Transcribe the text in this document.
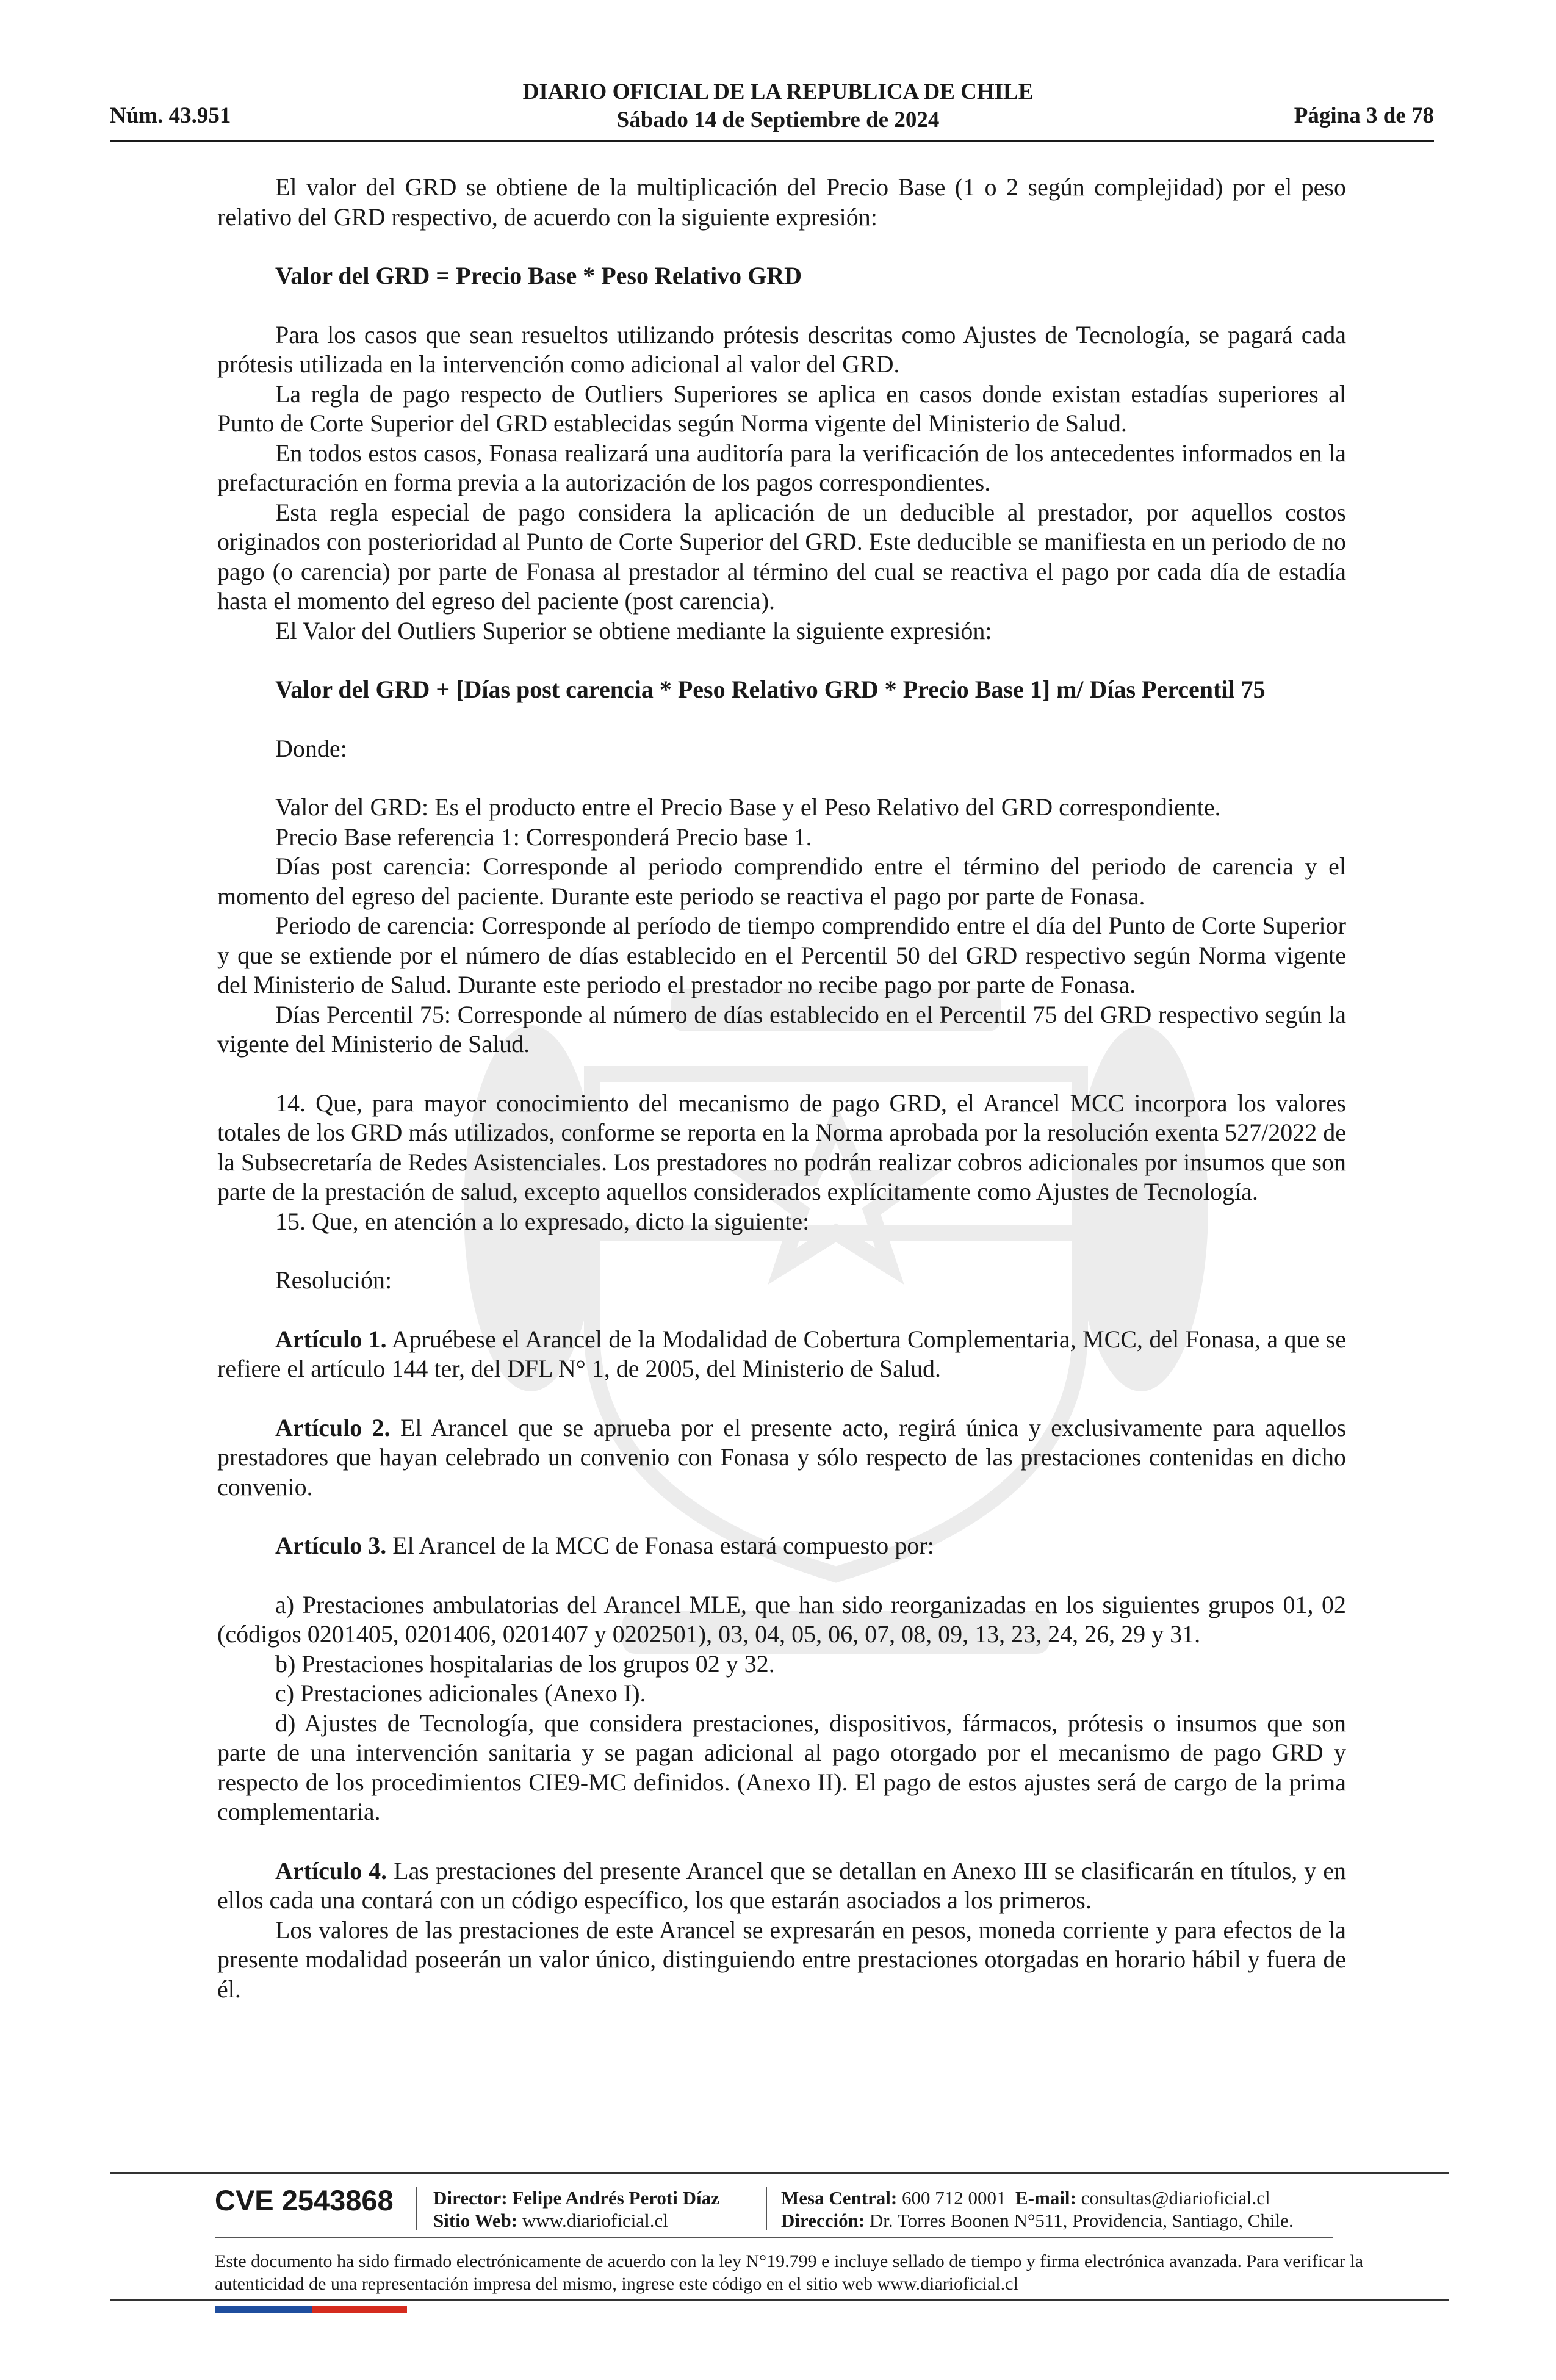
Núm. 43.951
DIARIO OFICIAL DE LA REPUBLICA DE CHILE
Sábado 14 de Septiembre de 2024	Página 3 de 78

El valor del GRD se obtiene de la multiplicación del Precio Base (1 o 2 según complejidad) por el peso relativo del GRD respectivo, de acuerdo con la siguiente expresión:

Valor del GRD = Precio Base * Peso Relativo GRD

Para los casos que sean resueltos utilizando prótesis descritas como Ajustes de Tecnología, se pagará cada prótesis utilizada en la intervención como adicional al valor del GRD.

La regla de pago respecto de Outliers Superiores se aplica en casos donde existan estadías superiores al Punto de Corte Superior del GRD establecidas según Norma vigente del Ministerio de Salud.

En todos estos casos, Fonasa realizará una auditoría para la verificación de los antecedentes informados en la prefacturación en forma previa a la autorización de los pagos correspondientes.

Esta regla especial de pago considera la aplicación de un deducible al prestador, por aquellos costos originados con posterioridad al Punto de Corte Superior del GRD. Este deducible se manifiesta en un periodo de no pago (o carencia) por parte de Fonasa al prestador al término del cual se reactiva el pago por cada día de estadía hasta el momento del egreso del paciente (post carencia).

El Valor del Outliers Superior se obtiene mediante la siguiente expresión:

Valor del GRD + [Días post carencia * Peso Relativo GRD * Precio Base 1] m/ Días Percentil 75

Donde:

Valor del GRD: Es el producto entre el Precio Base y el Peso Relativo del GRD correspondiente.

Precio Base referencia 1: Corresponderá Precio base 1.

Días post carencia: Corresponde al periodo comprendido entre el término del periodo de carencia y el momento del egreso del paciente. Durante este periodo se reactiva el pago por parte de Fonasa.

Periodo de carencia: Corresponde al período de tiempo comprendido entre el día del Punto de Corte Superior y que se extiende por el número de días establecido en el Percentil 50 del GRD respectivo según Norma vigente del Ministerio de Salud. Durante este periodo el prestador no recibe pago por parte de Fonasa.

Días Percentil 75: Corresponde al número de días establecido en el Percentil 75 del GRD respectivo según la vigente del Ministerio de Salud.

14. Que, para mayor conocimiento del mecanismo de pago GRD, el Arancel MCC incorpora los valores totales de los GRD más utilizados, conforme se reporta en la Norma aprobada por la resolución exenta 527/2022 de la Subsecretaría de Redes Asistenciales. Los prestadores no podrán realizar cobros adicionales por insumos que son parte de la prestación de salud, excepto aquellos considerados explícitamente como Ajustes de Tecnología.

15. Que, en atención a lo expresado, dicto la siguiente:

Resolución:

Artículo 1. Apruébese el Arancel de la Modalidad de Cobertura Complementaria, MCC, del Fonasa, a que se refiere el artículo 144 ter, del DFL N° 1, de 2005, del Ministerio de Salud.

Artículo 2. El Arancel que se aprueba por el presente acto, regirá única y exclusivamente para aquellos prestadores que hayan celebrado un convenio con Fonasa y sólo respecto de las prestaciones contenidas en dicho convenio.

Artículo 3. El Arancel de la MCC de Fonasa estará compuesto por:

a) Prestaciones ambulatorias del Arancel MLE, que han sido reorganizadas en los siguientes grupos 01, 02 (códigos 0201405, 0201406, 0201407 y 0202501), 03, 04, 05, 06, 07, 08, 09, 13, 23, 24, 26, 29 y 31.

b) Prestaciones hospitalarias de los grupos 02 y 32.

c) Prestaciones adicionales (Anexo I).

d) Ajustes de Tecnología, que considera prestaciones, dispositivos, fármacos, prótesis o insumos que son parte de una intervención sanitaria y se pagan adicional al pago otorgado por el mecanismo de pago GRD y respecto de los procedimientos CIE9-MC definidos. (Anexo II). El pago de estos ajustes será de cargo de la prima complementaria.

Artículo 4. Las prestaciones del presente Arancel que se detallan en Anexo III se clasificarán en títulos, y en ellos cada una contará con un código específico, los que estarán asociados a los primeros.

Los valores de las prestaciones de este Arancel se expresarán en pesos, moneda corriente y para efectos de la presente modalidad poseerán un valor único, distinguiendo entre prestaciones otorgadas en horario hábil y fuera de él.

CVE 2543868 Director: Felipe Andrés Peroti Díaz
Sitio Web: www.diarioficial.cl
Mesa Central: 600 712 0001 E-mail: consultas@diarioficial.cl
Dirección: Dr. Torres Boonen N°511, Providencia, Santiago, Chile.
Este documento ha sido firmado electrónicamente de acuerdo con la ley N°19.799 e incluye sellado de tiempo y firma electrónica avanzada. Para verificar la autenticidad de una representación impresa del mismo, ingrese este código en el sitio web www.diarioficial.cl
